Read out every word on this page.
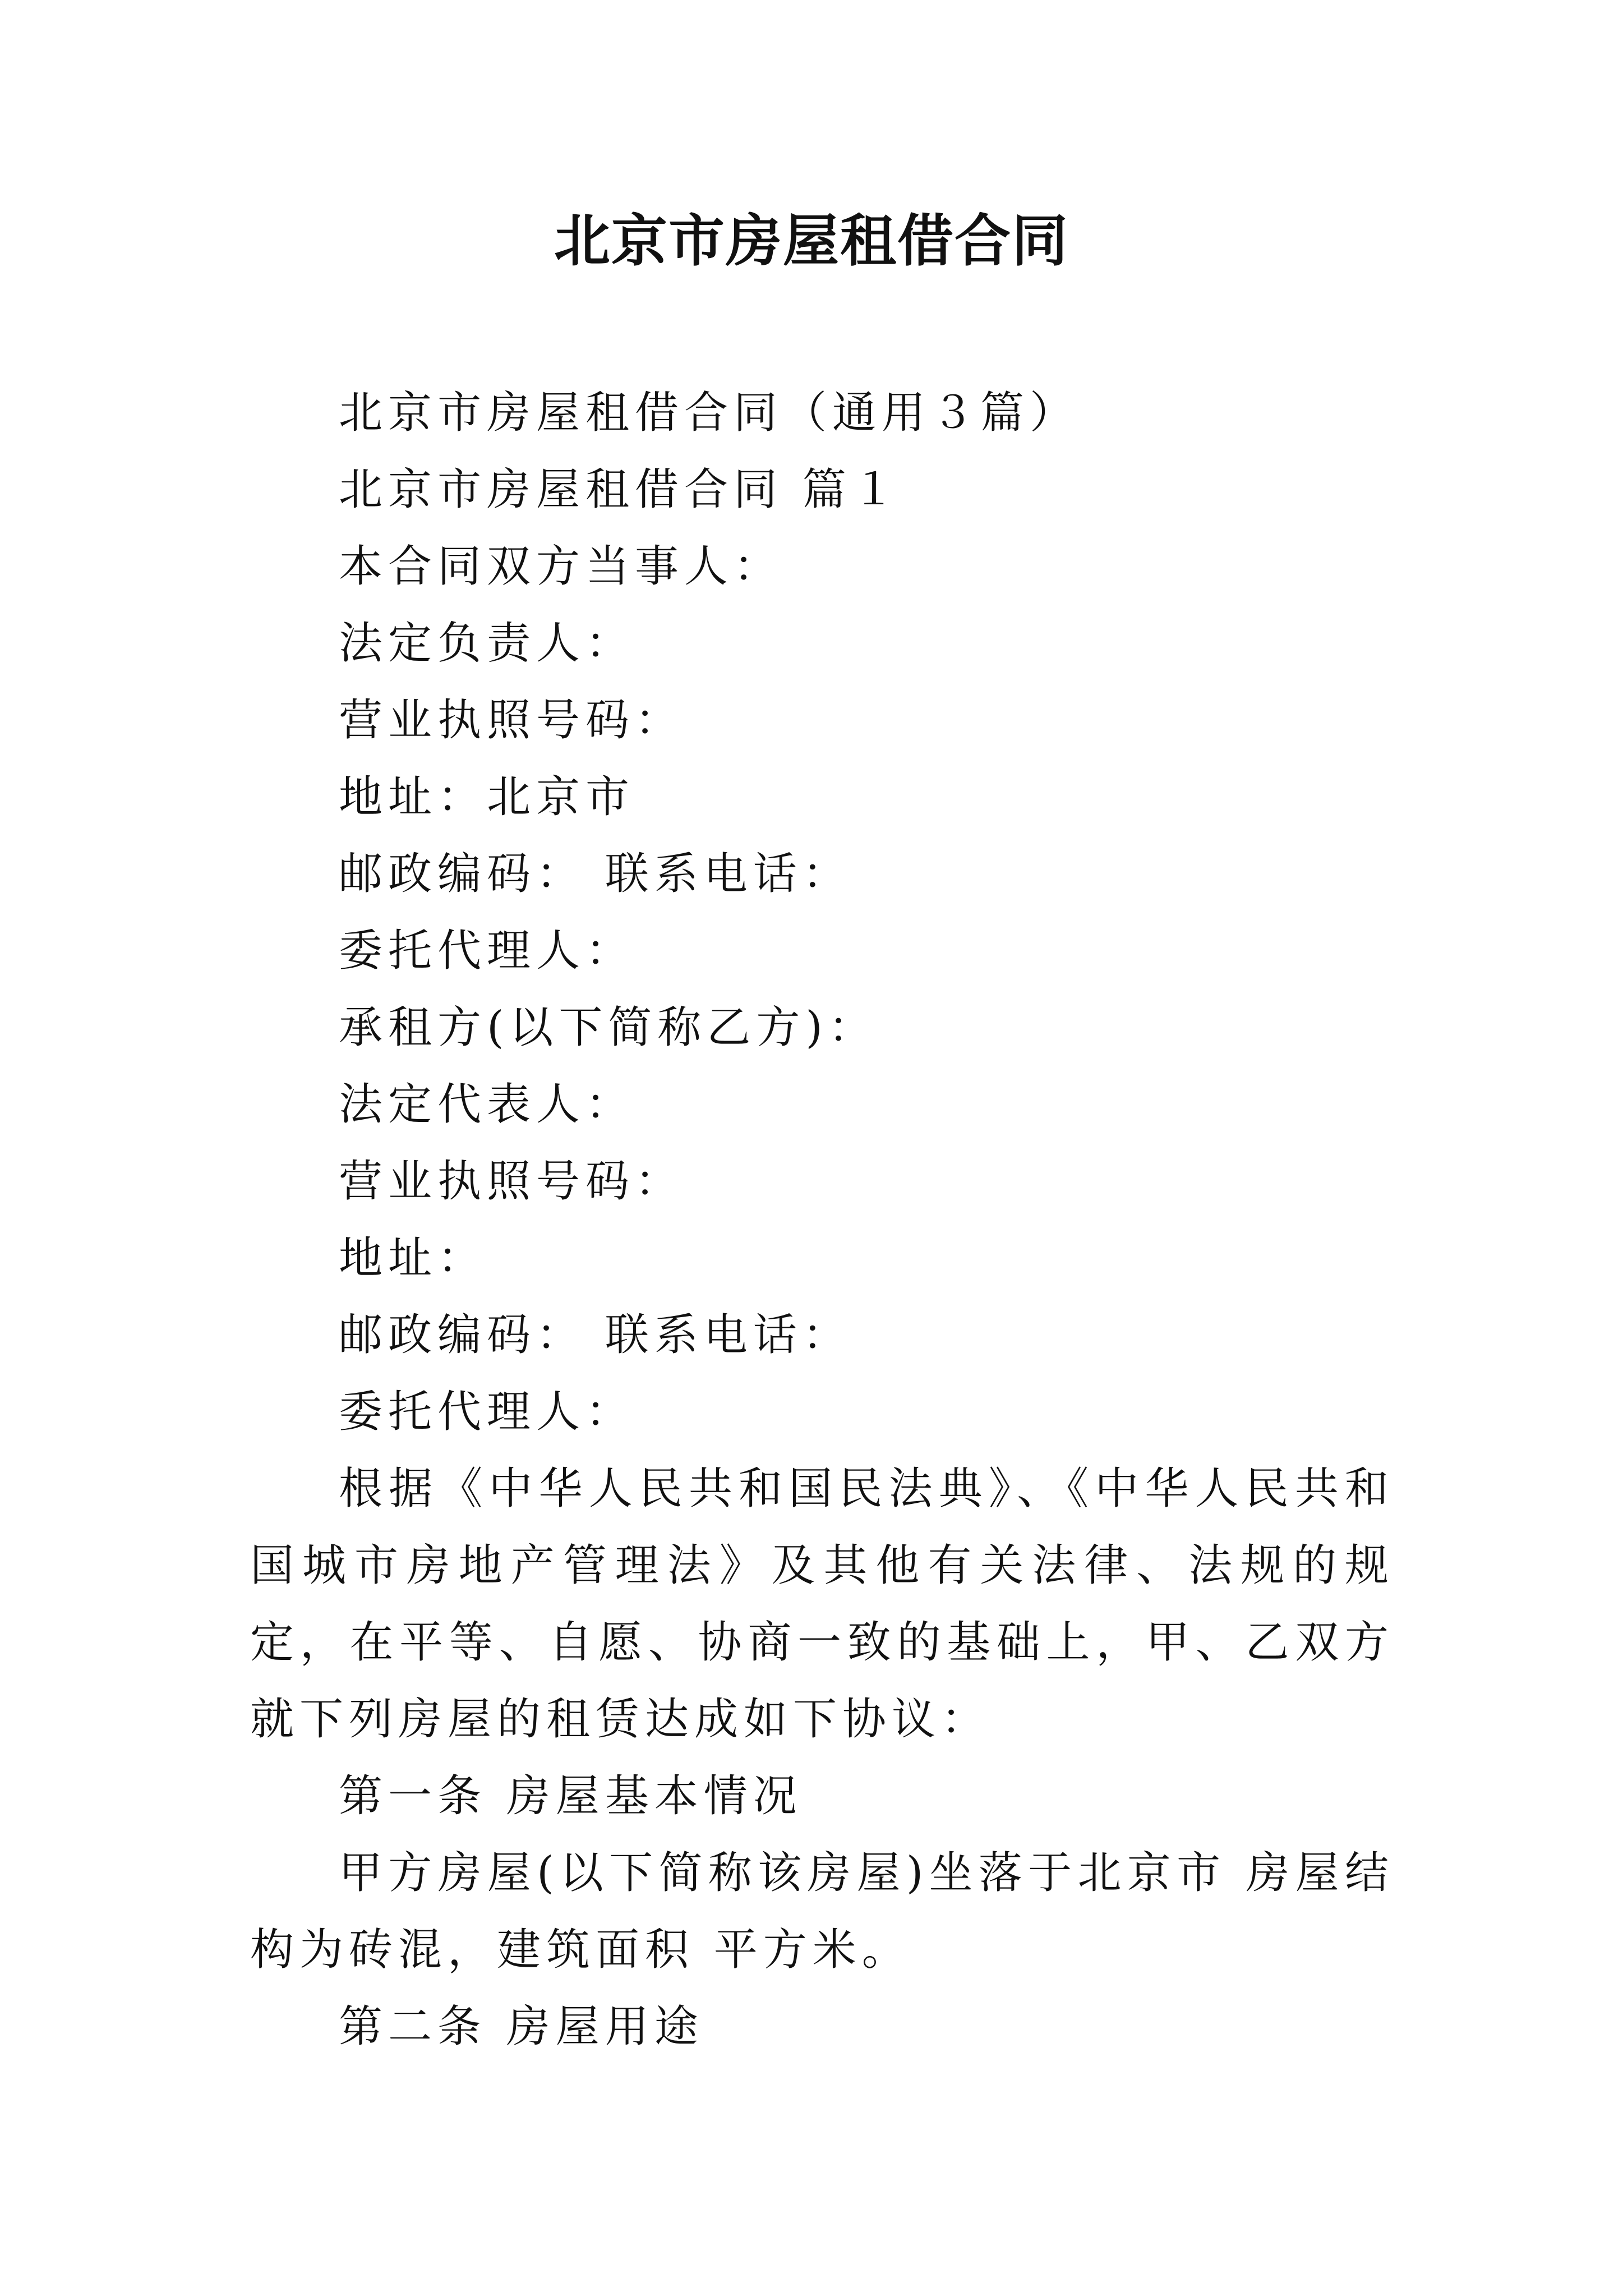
北京市房屋租借合同

北京市房屋租借合同（通用３篇）

北京市房屋租借合同 篇１

本合同双方当事人：

法定负责人：

营业执照号码：

地址：北京市

邮政编码： 联系电话：

委托代理人：

承租方(以下简称乙方)：

法定代表人：

营业执照号码：

地址：

邮政编码： 联系电话：

委托代理人：

根据《中华人民共和国民法典》、《中华人民共和国城市房地产管理法》及其他有关法律、法规的规定，在平等、自愿、协商一致的基础上，甲、乙双方就下列房屋的租赁达成如下协议：

第一条 房屋基本情况

甲方房屋(以下简称该房屋)坐落于北京市 房屋结构为砖混，建筑面积 平方米。

第二条 房屋用途
